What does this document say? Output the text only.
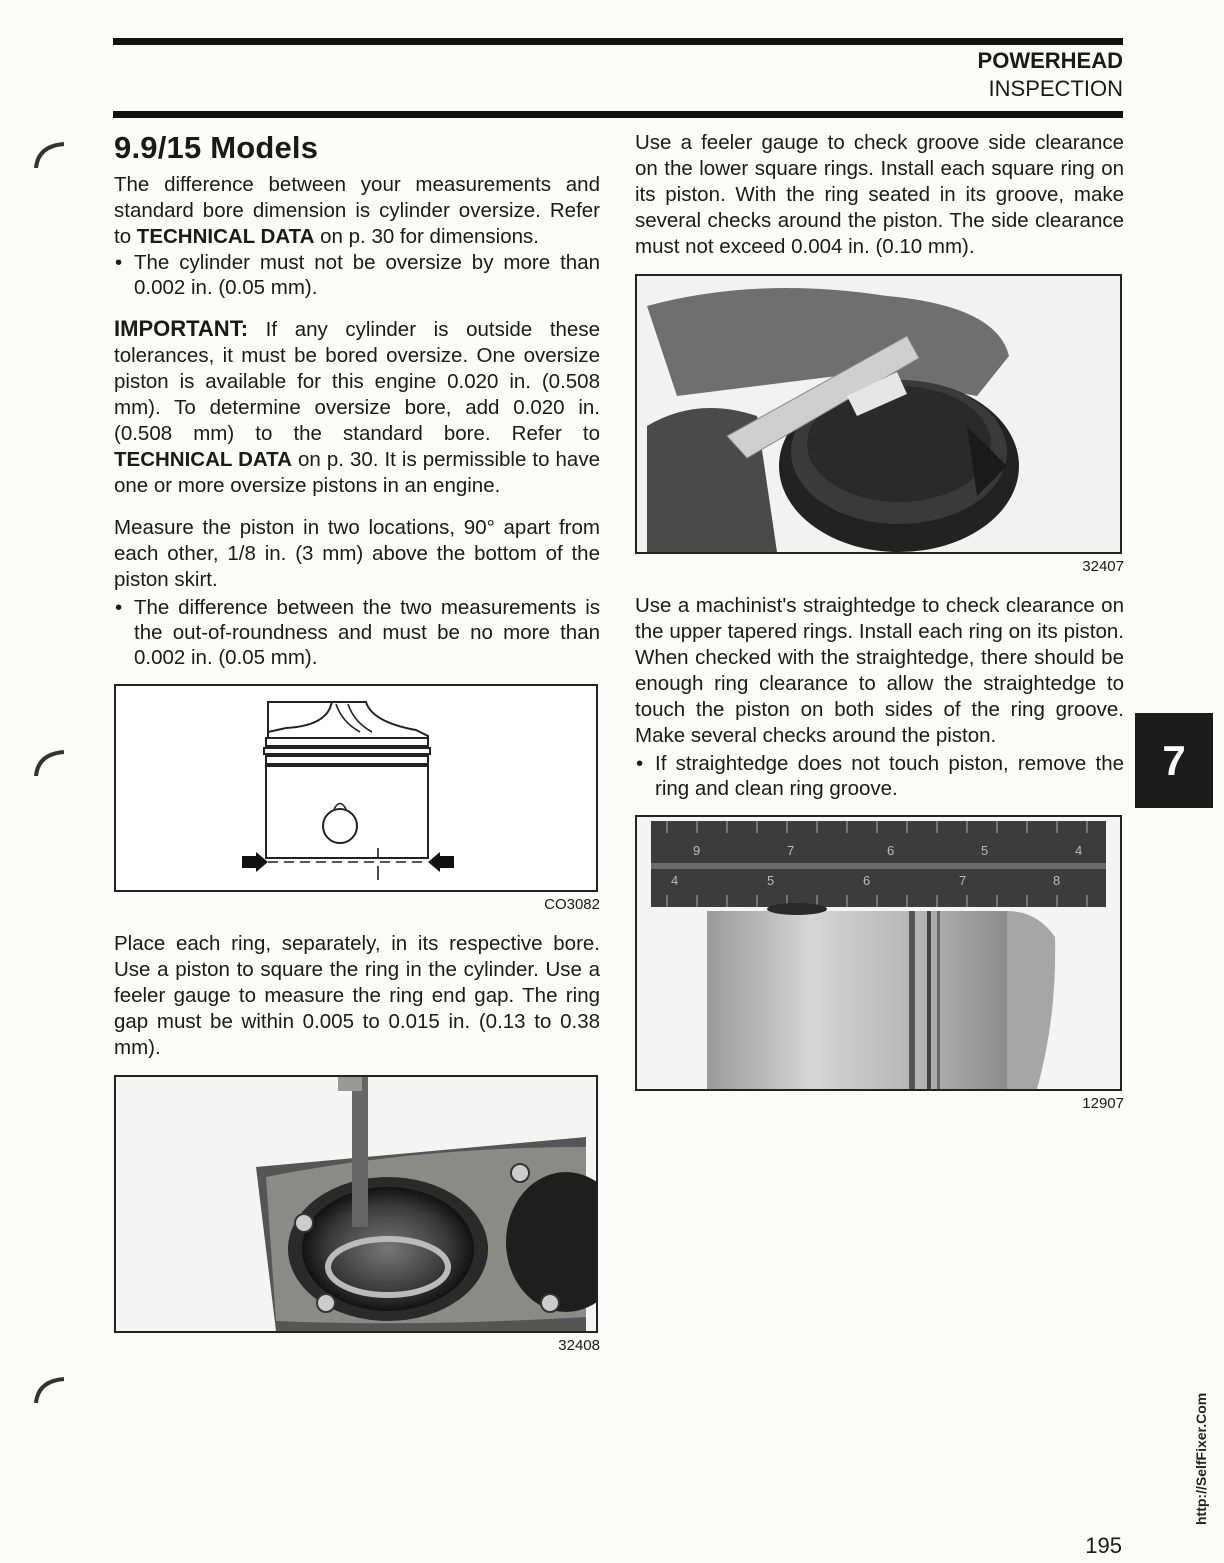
POWERHEAD
INSPECTION
9.9/15 Models

The difference between your measurements and standard bore dimension is cylinder oversize. Refer to TECHNICAL DATA on p. 30 for dimensions.

• The cylinder must not be oversize by more than 0.002 in. (0.05 mm).

IMPORTANT: If any cylinder is outside these tolerances, it must be bored oversize. One oversize piston is available for this engine 0.020 in. (0.508 mm). To determine oversize bore, add 0.020 in. (0.508 mm) to the standard bore. Refer to TECHNICAL DATA on p. 30. It is permissible to have one or more oversize pistons in an engine.

Measure the piston in two locations, 90° apart from each other, 1/8 in. (3 mm) above the bottom of the piston skirt.

• The difference between the two measurements is the out-of-roundness and must be no more than 0.002 in. (0.05 mm).
CO3082

Place each ring, separately, in its respective bore. Use a piston to square the ring in the cylinder. Use a feeler gauge to measure the ring end gap. The ring gap must be within 0.005 to 0.015 in. (0.13 to 0.38 mm).

32408

Use a feeler gauge to check groove side clearance on the lower square rings. Install each square ring on its piston. With the ring seated in its groove, make several checks around the piston. The side clearance must not exceed 0.004 in. (0.10 mm).

32407

Use a machinist's straightedge to check clearance on the upper tapered rings. Install each ring on its piston. When checked with the straightedge, there should be enough ring clearance to allow the straightedge to touch the piston on both sides of the ring groove. Make several checks around the piston.

• If straightedge does not touch piston, remove the ring and clean ring groove.
9	7	6	5	4
4	5	6	7	8
12907
7
http://SelfFixer.Com
195
